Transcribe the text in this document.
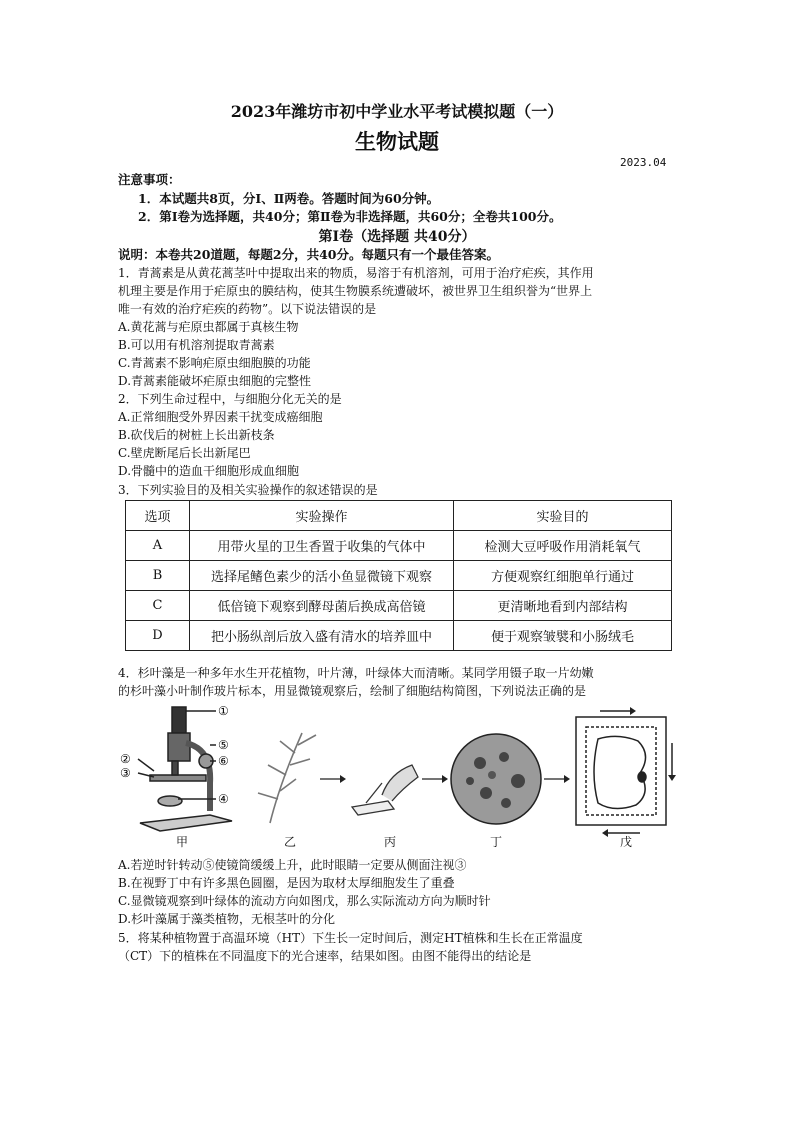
2023年潍坊市初中学业水平考试模拟题（一）
生物试题
2023.04
注意事项：
1．本试题共8页，分Ⅰ、Ⅱ两卷。答题时间为60分钟。
2．第Ⅰ卷为选择题，共40分；第Ⅱ卷为非选择题，共60分；全卷共100分。
第Ⅰ卷（选择题 共40分）
说明：本卷共20道题，每题2分，共40分。每题只有一个最佳答案。
1．青蒿素是从黄花蒿茎叶中提取出来的物质，易溶于有机溶剂，可用于治疗疟疾，其作用
机理主要是作用于疟原虫的膜结构，使其生物膜系统遭破坏，被世界卫生组织誉为“世界上
唯一有效的治疗疟疾的药物”。以下说法错误的是
A.黄花蒿与疟原虫都属于真核生物
B.可以用有机溶剂提取青蒿素
C.青蒿素不影响疟原虫细胞膜的功能
D.青蒿素能破坏疟原虫细胞的完整性
2．下列生命过程中，与细胞分化无关的是
A.正常细胞受外界因素干扰变成癌细胞
B.砍伐后的树桩上长出新枝条
C.壁虎断尾后长出新尾巴
D.骨髓中的造血干细胞形成血细胞
3．下列实验目的及相关实验操作的叙述错误的是
选项	实验操作	实验目的
A	用带火星的卫生香置于收集的气体中	检测大豆呼吸作用消耗氧气
B	选择尾鳍色素少的活小鱼显微镜下观察	方便观察红细胞单行通过
C	低倍镜下观察到酵母菌后换成高倍镜	更清晰地看到内部结构
D	把小肠纵剖后放入盛有清水的培养皿中	便于观察皱襞和小肠绒毛
4．杉叶藻是一种多年水生开花植物，叶片薄，叶绿体大而清晰。某同学用镊子取一片幼嫩
的杉叶藻小叶制作玻片标本，用显微镜观察后，绘制了细胞结构简图，下列说法正确的是
①
②
③
④
⑤
⑥
甲	乙	丙	丁	戊
A.若逆时针转动⑤使镜筒缓缓上升，此时眼睛一定要从侧面注视③
B.在视野丁中有许多黑色圆圈，是因为取材太厚细胞发生了重叠
C.显微镜观察到叶绿体的流动方向如图戊，那么实际流动方向为顺时针
D.杉叶藻属于藻类植物，无根茎叶的分化
5．将某种植物置于高温环境（HT）下生长一定时间后，测定HT植株和生长在正常温度
（CT）下的植株在不同温度下的光合速率，结果如图。由图不能得出的结论是
